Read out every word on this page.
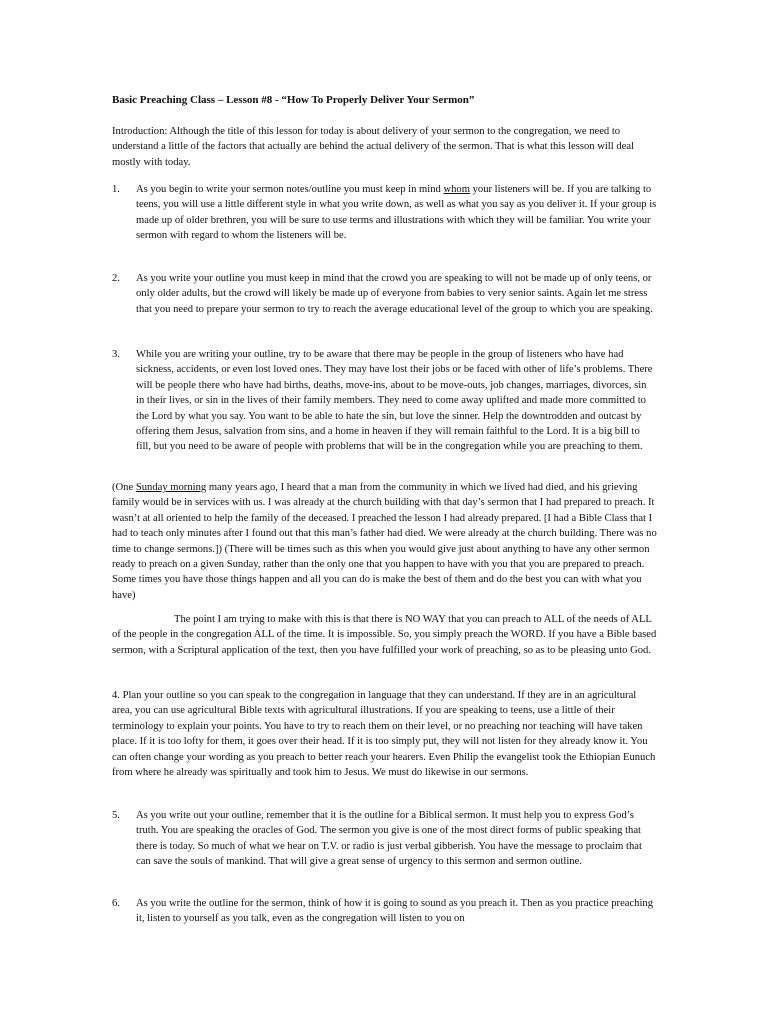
Basic Preaching Class – Lesson #8 - “How To Properly Deliver Your Sermon”
Introduction: Although the title of this lesson for today is about delivery of your sermon to the congregation, we need to understand a little of the factors that actually are behind the actual delivery of the sermon. That is what this lesson will deal mostly with today.
1.	As you begin to write your sermon notes/outline you must keep in mind whom your listeners will be. If you are talking to teens, you will use a little different style in what you write down, as well as what you say as you deliver it. If your group is made up of older brethren, you will be sure to use terms and illustrations with which they will be familiar. You write your sermon with regard to whom the listeners will be.
2.	As you write your outline you must keep in mind that the crowd you are speaking to will not be made up of only teens, or only older adults, but the crowd will likely be made up of everyone from babies to very senior saints. Again let me stress that you need to prepare your sermon to try to reach the average educational level of the group to which you are speaking.
3.	While you are writing your outline, try to be aware that there may be people in the group of listeners who have had sickness, accidents, or even lost loved ones. They may have lost their jobs or be faced with other of life’s problems. There will be people there who have had births, deaths, move-ins, about to be move-outs, job changes, marriages, divorces, sin in their lives, or sin in the lives of their family members. They need to come away uplifted and made more committed to the Lord by what you say. You want to be able to hate the sin, but love the sinner. Help the downtrodden and outcast by offering them Jesus, salvation from sins, and a home in heaven if they will remain faithful to the Lord. It is a big bill to fill, but you need to be aware of people with problems that will be in the congregation while you are preaching to them.
(One Sunday morning many years ago, I heard that a man from the community in which we lived had died, and his grieving family would be in services with us. I was already at the church building with that day’s sermon that I had prepared to preach. It wasn’t at all oriented to help the family of the deceased. I preached the lesson I had already prepared. [I had a Bible Class that I had to teach only minutes after I found out that this man’s father had died. We were already at the church building. There was no time to change sermons.]) (There will be times such as this when you would give just about anything to have any other sermon ready to preach on a given Sunday, rather than the only one that you happen to have with you that you are prepared to preach. Some times you have those things happen and all you can do is make the best of them and do the best you can with what you have)
The point I am trying to make with this is that there is NO WAY that you can preach to ALL of the needs of ALL of the people in the congregation ALL of the time. It is impossible. So, you simply preach the WORD. If you have a Bible based sermon, with a Scriptural application of the text, then you have fulfilled your work of preaching, so as to be pleasing unto God.
4. Plan your outline so you can speak to the congregation in language that they can understand. If they are in an agricultural area, you can use agricultural Bible texts with agricultural illustrations. If you are speaking to teens, use a little of their terminology to explain your points. You have to try to reach them on their level, or no preaching nor teaching will have taken place. If it is too lofty for them, it goes over their head. If it is too simply put, they will not listen for they already know it. You can often change your wording as you preach to better reach your hearers. Even Philip the evangelist took the Ethiopian Eunuch from where he already was spiritually and took him to Jesus. We must do likewise in our sermons.
5.	As you write out your outline, remember that it is the outline for a Biblical sermon. It must help you to express God’s truth. You are speaking the oracles of God. The sermon you give is one of the most direct forms of public speaking that there is today. So much of what we hear on T.V. or radio is just verbal gibberish. You have the message to proclaim that can save the souls of mankind. That will give a great sense of urgency to this sermon and sermon outline.
6.	As you write the outline for the sermon, think of how it is going to sound as you preach it. Then as you practice preaching it, listen to yourself as you talk, even as the congregation will listen to you on
